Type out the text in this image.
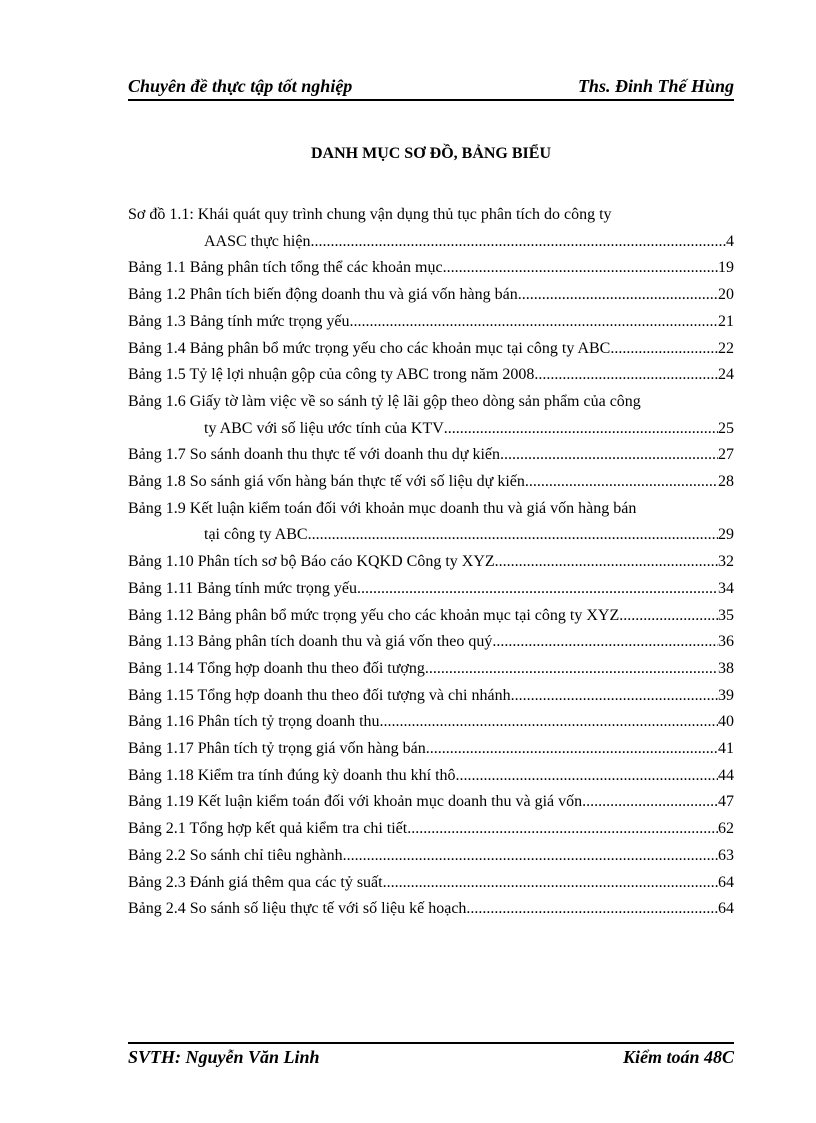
Chuyên đề thực tập tốt nghiệp	Ths. Đinh Thế Hùng
DANH MỤC SƠ ĐỒ, BẢNG BIỂU
Sơ đồ 1.1: Khái quát quy trình chung vận dụng thủ tục phân tích do công ty
AASC thực hiện .....	4
Bảng 1.1 Bảng phân tích tổng thể các khoản mục .....	19
Bảng 1.2 Phân tích biến động doanh thu và giá vốn hàng bán .....	20
Bảng 1.3 Bảng tính mức trọng yếu .....	21
Bảng 1.4 Bảng phân bổ mức trọng yếu cho các khoản mục tại công ty ABC .....	22
Bảng 1.5 Tỷ lệ lợi nhuận gộp của công ty ABC trong năm 2008 .....	24
Bảng 1.6 Giấy tờ làm việc về so sánh tỷ lệ lãi gộp theo dòng sản phẩm của công
ty ABC với số liệu ước tính của KTV .....	25
Bảng 1.7 So sánh doanh thu thực tế với doanh thu dự kiến .....	27
Bảng 1.8 So sánh giá vốn hàng bán thực tế với số liệu dự kiến .....	28
Bảng 1.9 Kết luận kiểm toán đối với khoản mục doanh thu và giá vốn hàng bán
tại công ty ABC .....	29
Bảng 1.10 Phân tích sơ bộ Báo cáo KQKD Công ty XYZ .....	32
Bảng 1.11 Bảng tính mức trọng yếu .....	34
Bảng 1.12 Bảng phân bổ mức trọng yếu cho các khoản mục tại công ty XYZ .....	35
Bảng 1.13 Bảng phân tích doanh thu và giá vốn theo quý .....	36
Bảng 1.14 Tổng hợp doanh thu theo đối tượng .....	38
Bảng 1.15 Tổng hợp doanh thu theo đối tượng và chi nhánh .....	39
Bảng 1.16 Phân tích tỷ trọng doanh thu .....	40
Bảng 1.17 Phân tích tỷ trọng giá vốn hàng bán .....	41
Bảng 1.18 Kiểm tra tính đúng kỳ doanh thu khí thô .....	44
Bảng 1.19 Kết luận kiểm toán đối với khoản mục doanh thu và giá vốn .....	47
Bảng 2.1 Tổng hợp kết quả kiểm tra chi tiết .....	62
Bảng 2.2 So sánh chỉ tiêu nghành .....	63
Bảng 2.3 Đánh giá thêm qua các tỷ suất .....	64
Bảng 2.4 So sánh số liệu thực tế với số liệu kế hoạch .....	64
SVTH: Nguyễn Văn Linh	Kiểm toán 48C
